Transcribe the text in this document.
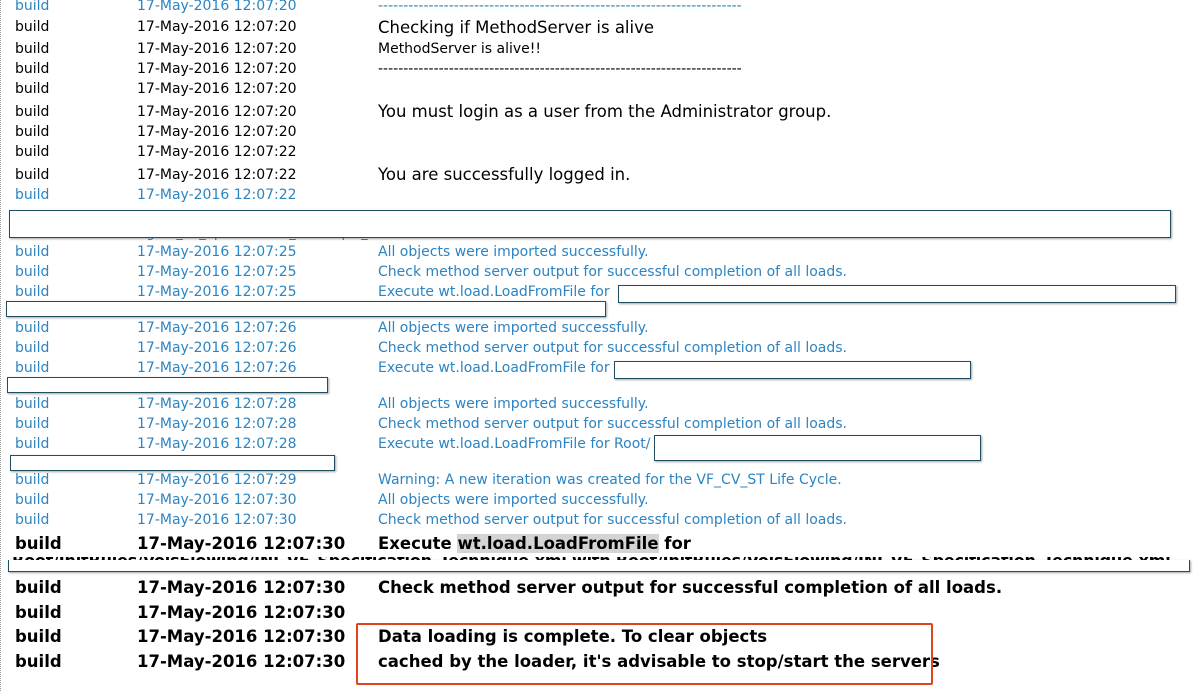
build	17-May-2016 12:07:20	------------------------------------------------------------------------
build	17-May-2016 12:07:20	Checking if MethodServer is alive
build	17-May-2016 12:07:20	MethodServer is alive!!
build	17-May-2016 12:07:20	------------------------------------------------------------------------
build	17-May-2016 12:07:20
build	17-May-2016 12:07:20	You must login as a user from the Administrator group.
build	17-May-2016 12:07:20
build	17-May-2016 12:07:22
build	17-May-2016 12:07:22	You are successfully logged in.
build	17-May-2016 12:07:22
build	17-May-2016 12:07:25	All objects were imported successfully.
build	17-May-2016 12:07:25	Check method server output for successful completion of all loads.
build	17-May-2016 12:07:25	Execute wt.load.LoadFromFile for
build	17-May-2016 12:07:26	All objects were imported successfully.
build	17-May-2016 12:07:26	Check method server output for successful completion of all loads.
build	17-May-2016 12:07:26	Execute wt.load.LoadFromFile for
build	17-May-2016 12:07:28	All objects were imported successfully.
build	17-May-2016 12:07:28	Check method server output for successful completion of all loads.
build	17-May-2016 12:07:28	Execute wt.load.LoadFromFile for Root/
build	17-May-2016 12:07:29	Warning: A new iteration was created for the VF_CV_ST Life Cycle.
build	17-May-2016 12:07:30	All objects were imported successfully.
build	17-May-2016 12:07:30	Check method server output for successful completion of all loads.
build	17-May-2016 12:07:30 Execute wt.load.LoadFromFile for
build	17-May-2016 12:07:30 Check method server output for successful completion of all loads.
build	17-May-2016 12:07:30
build	17-May-2016 12:07:30 Data loading is complete. To clear objects
build	17-May-2016 12:07:30 cached by the loader, it's advisable to stop/start the servers
